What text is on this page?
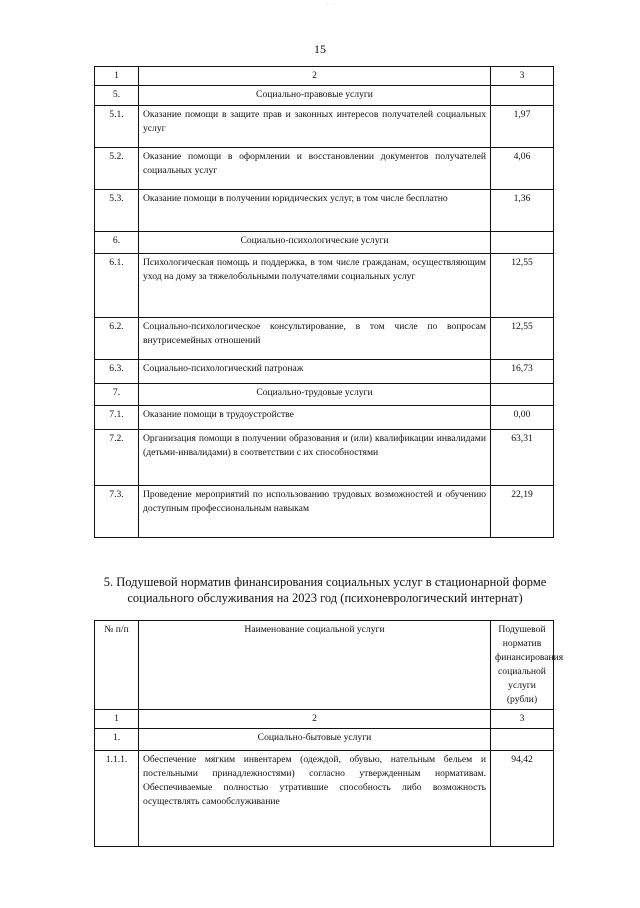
· ·
15
1	2	3
5.	Социально-правовые услуги	
5.1.	Оказание помощи в защите прав и законных интересов получателей социальных услуг	1,97
5.2.	Оказание помощи в оформлении и восстановлении документов получателей социальных услуг	4,06
5.3.	Оказание помощи в получении юридических услуг, в том числе бесплатно	1,36
6.	Социально-психологические услуги	
6.1.	Психологическая помощь и поддержка, в том числе гражданам, осуществляющим уход на дому за тяжелобольными получателями социальных услуг	12,55
6.2.	Социально-психологическое консультирование, в том числе по вопросам внутрисемейных отношений	12,55
6.3.	Социально-психологический патронаж	16,73
7.	Социально-трудовые услуги	
7.1.	Оказание помощи в трудоустройстве	0,00
7.2.	Организация помощи в получении образования и (или) квалификации инвалидами (детьми-инвалидами) в соответствии с их способностями	63,31
7.3.	Проведение мероприятий по использованию трудовых возможностей и обучению доступным профессиональным навыкам	22,19
5. Подушевой норматив финансирования социальных услуг в стационарной форме социального обслуживания на 2023 год (психоневрологический интернат)
№ п/п	Наименование социальной услуги	Подушевой норматив финансирования социальной услуги (рубли)
1	2	3
1.	Социально-бытовые услуги	
1.1.1.	Обеспечение мягким инвентарем (одеждой, обувью, нательным бельем и постельными принадлежностями) согласно утвержденным нормативам. Обеспечиваемые полностью утратившие способность либо возможность осуществлять самообслуживание	94,42
